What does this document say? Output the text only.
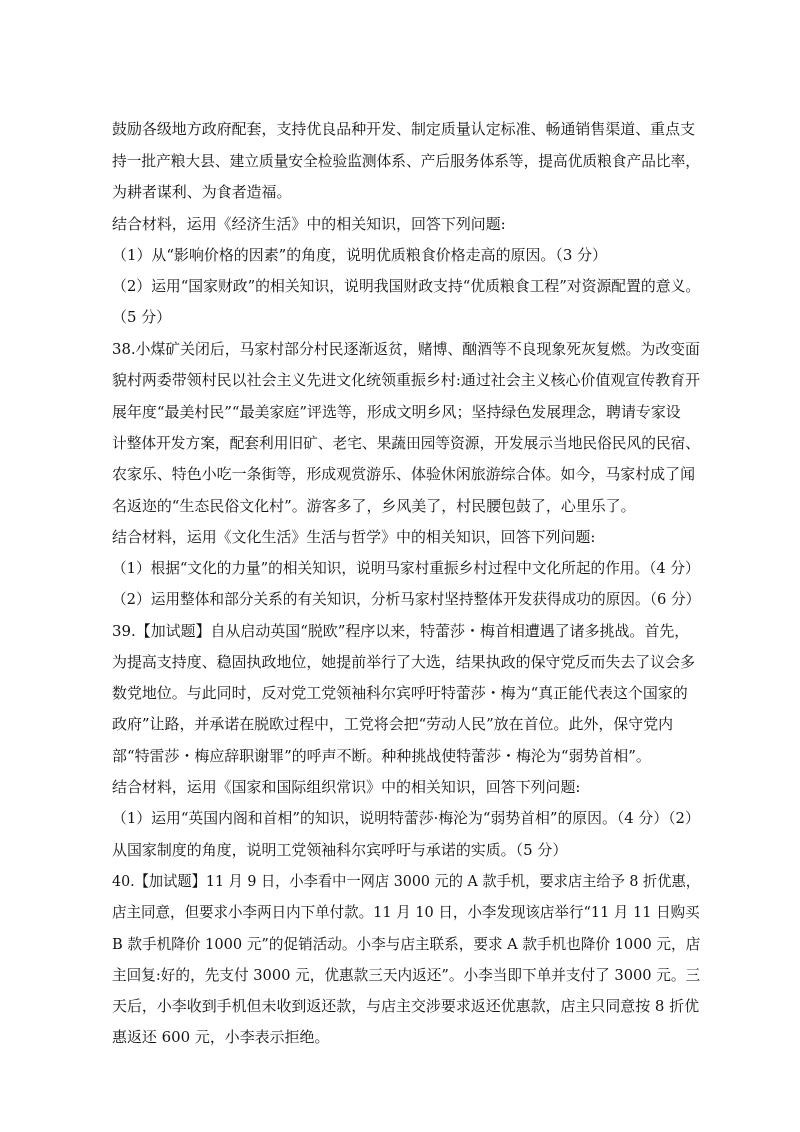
鼓励各级地方政府配套，支持优良品种开发、制定质量认定标准、畅通销售渠道、重点支
持一批产粮大县、建立质量安全检验监测体系、产后服务体系等，提高优质粮食产品比率，
为耕者谋利、为食者造福。
结合材料，运用《经济生活》中的相关知识，回答下列问题:
（1）从“影响价格的因素”的角度，说明优质粮食价格走高的原因。（3 分）
（2）运用“国家财政”的相关知识，说明我国财政支持“优质粮食工程”对资源配置的意义。
（5 分）
38.小煤矿关闭后，马家村部分村民逐渐返贫，赌博、酗酒等不良现象死灰复燃。为改变面
貌村两委带领村民以社会主义先进文化统领重振乡村:通过社会主义核心价值观宣传教育开
展年度“最美村民”“最美家庭”评选等，形成文明乡风；坚持绿色发展理念，聘请专家设
计整体开发方案，配套利用旧矿、老宅、果蔬田园等资源，开发展示当地民俗民风的民宿、
农家乐、特色小吃一条街等，形成观赏游乐、体验休闲旅游综合体。如今，马家村成了闻
名返迩的“生态民俗文化村”。游客多了，乡风美了，村民腰包鼓了，心里乐了。
结合材料，运用《文化生活》生活与哲学》中的相关知识，回答下列问题:
（1）根据“文化的力量”的相关知识，说明马家村重振乡村过程中文化所起的作用。（4 分）
（2）运用整体和部分关系的有关知识，分析马家村坚持整体开发获得成功的原因。（6 分）
39.【加试题】自从启动英国“脱欧”程序以来，特蕾莎・梅首相遭遇了诸多挑战。首先，
为提高支持度、稳固执政地位，她提前举行了大选，结果执政的保守党反而失去了议会多
数党地位。与此同时，反对党工党领袖科尔宾呼吁特蕾莎・梅为“真正能代表这个国家的
政府”让路，并承诺在脱欧过程中，工党将会把“劳动人民”放在首位。此外，保守党内
部“特雷莎・梅应辞职谢罪”的呼声不断。种种挑战使特蕾莎・梅沦为“弱势首相”。
结合材料，运用《国家和国际组织常识》中的相关知识，回答下列问题:
（1）运用“英国内阁和首相”的知识，说明特蕾莎·梅沦为“弱势首相”的原因。（4 分）（2）
从国家制度的角度，说明工党领袖科尔宾呼吁与承诺的实质。（5 分）
40.【加试题】11 月 9 日，小李看中一网店 3000 元的 A 款手机，要求店主给予 8 折优惠，
店主同意，但要求小李两日内下单付款。11 月 10 日，小李发现该店举行“11 月 11 日购买
B 款手机降价 1000 元”的促销活动。小李与店主联系，要求 A 款手机也降价 1000 元，店
主回复:好的，先支付 3000 元，优惠款三天内返还”。小李当即下单并支付了 3000 元。三
天后，小李收到手机但未收到返还款，与店主交涉要求返还优惠款，店主只同意按 8 折优
惠返还 600 元，小李表示拒绝。
